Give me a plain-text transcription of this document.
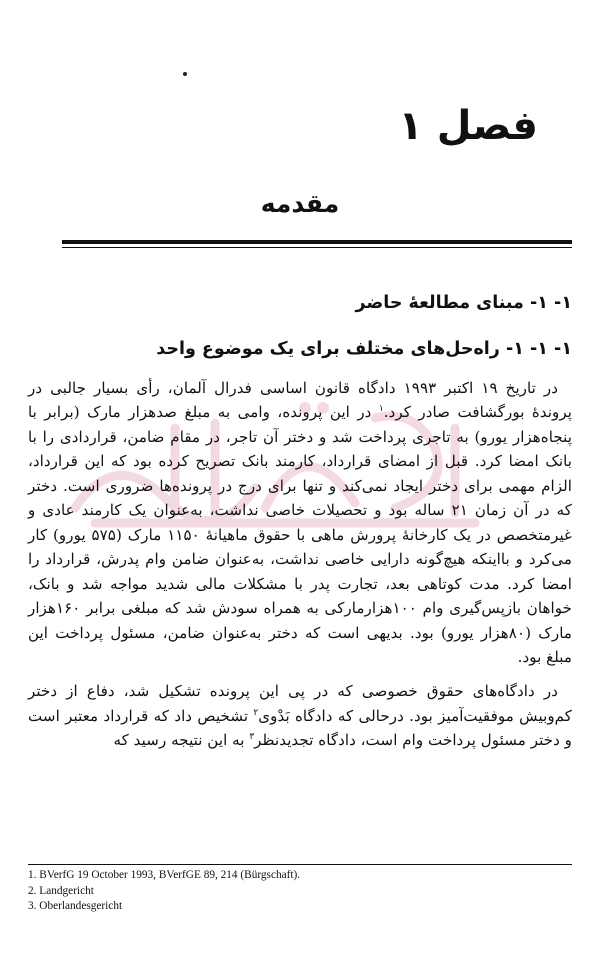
فصل ۱
مقدمه
۱- ۱- مبنای مطالعهٔ حاضر
۱- ۱- ۱- راه‌حل‌های مختلف برای یک موضوع واحد

در تاریخ ۱۹ اکتبر ۱۹۹۳ دادگاه قانون اساسی فدرال آلمان، رأی بسیار جالبی در پروندهٔ بورگشافت صادر کرد.$^۱$ در این پرونده، وامی به مبلغ صدهزار مارک (برابر با پنجاه‌هزار یورو) به تاجری پرداخت شد و دختر آن تاجر، در مقام ضامن، قراردادی را با بانک امضا کرد. قبل از امضای قرارداد، کارمند بانک تصریح کرده بود که این قرارداد، الزام مهمی برای دختر ایجاد نمی‌کند و تنها برای درج در پرونده‌ها ضروری است. دختر که در آن زمان ۲۱ ساله بود و تحصیلات خاصی نداشت، به‌عنوان یک کارمند عادی و غیرمتخصص در یک کارخانهٔ پرورش ماهی با حقوق ماهیانهٔ ۱۱۵۰ مارک (۵۷۵ یورو) کار می‌کرد و بااینکه هیچ‌گونه دارایی خاصی نداشت، به‌عنوان ضامن وام پدرش، قرارداد را امضا کرد. مدت کوتاهی بعد، تجارت پدر با مشکلات مالی شدید مواجه شد و بانک، خواهان بازپس‌گیری وام ۱۰۰هزارمارکی به همراه سودش شد که مبلغی برابر ۱۶۰هزار مارک (۸۰هزار یورو) بود. بدیهی است که دختر به‌عنوان ضامن، مسئول پرداخت این مبلغ بود.

در دادگاه‌های حقوق خصوصی که در پی این پرونده تشکیل شد، دفاع از دختر کم‌وبیش موفقیت‌آمیز بود. درحالی که دادگاه بَدْوی$^۲$ تشخیص داد که قرارداد معتبر است و دختر مسئول پرداخت وام است، دادگاه تجدیدنظر$^۳$ به این نتیجه رسید که

1. BVerfG 19 October 1993, BVerfGE 89, 214 (Bürgschaft).
2. Landgericht
3. Oberlandesgericht
